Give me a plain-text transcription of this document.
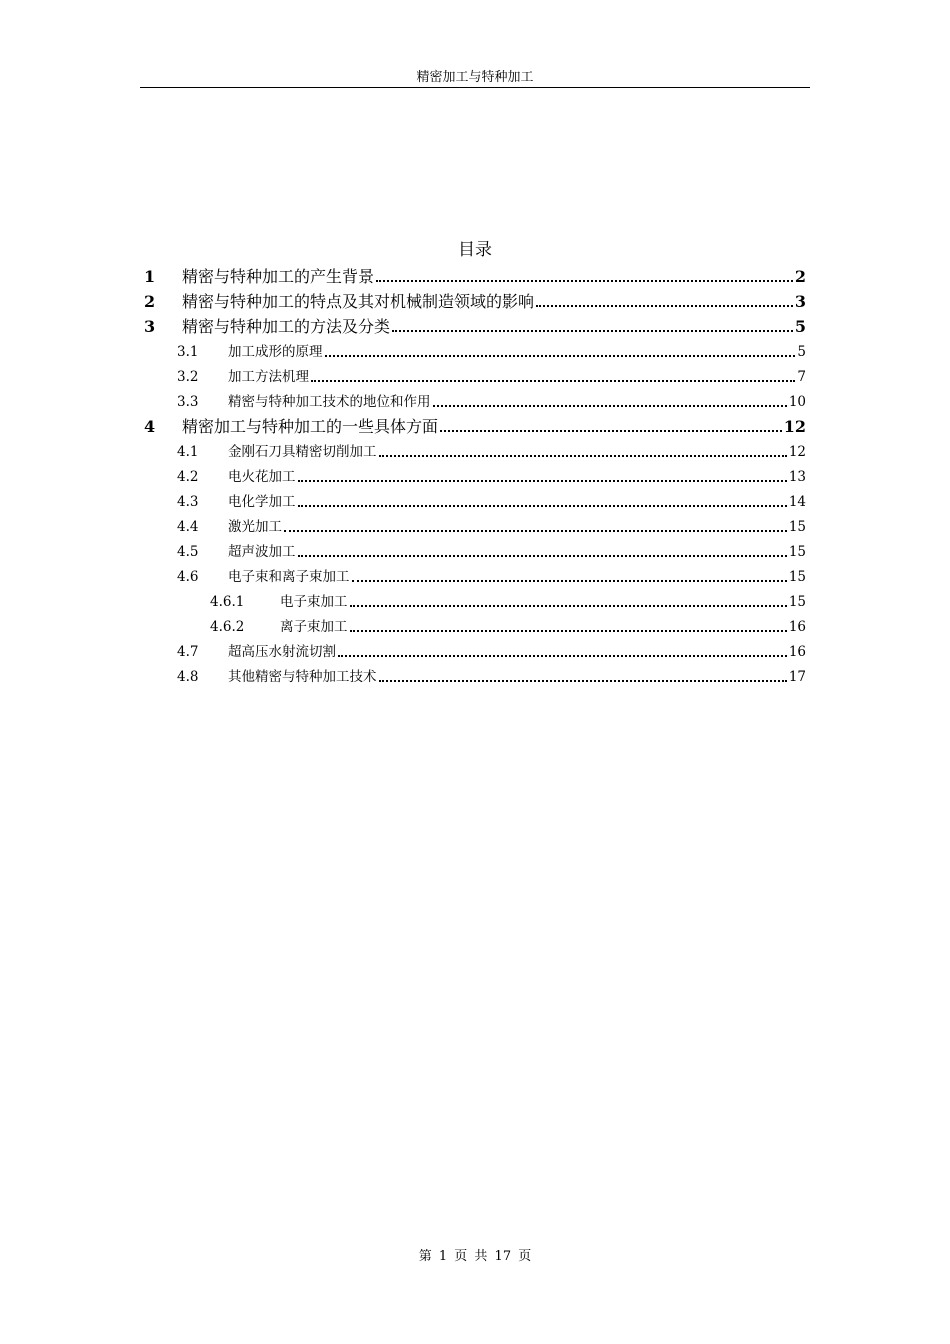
精密加工与特种加工
目录
1	精密与特种加工的产生背景	2
2	精密与特种加工的特点及其对机械制造领域的影响	3
3	精密与特种加工的方法及分类	5
3.1	加工成形的原理	5
3.2	加工方法机理	7
3.3	精密与特种加工技术的地位和作用	10
4	精密加工与特种加工的一些具体方面	12
4.1	金刚石刀具精密切削加工	12
4.2	电火花加工	13
4.3	电化学加工	14
4.4	激光加工	15
4.5	超声波加工	15
4.6	电子束和离子束加工	15
4.6.1	电子束加工	15
4.6.2	离子束加工	16
4.7	超高压水射流切割	16
4.8	其他精密与特种加工技术	17
第 1 页 共 17 页
